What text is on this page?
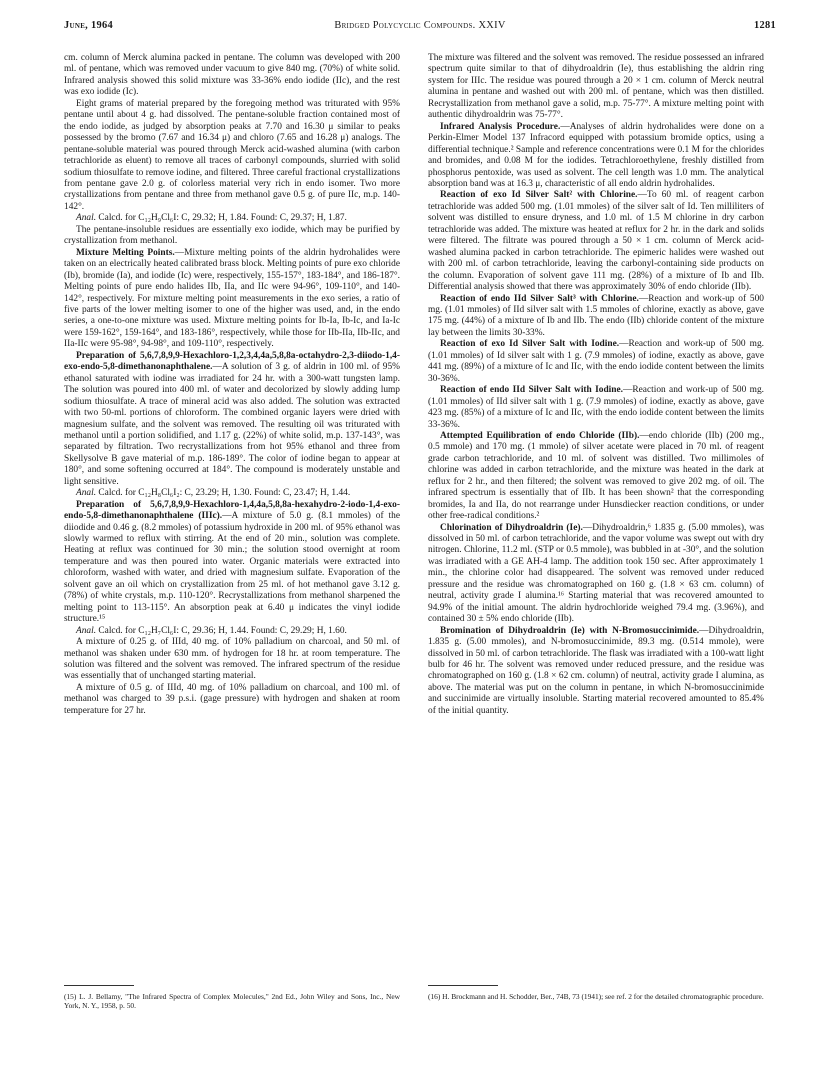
June, 1964	Bridged Polycyclic Compounds. XXIV	1281

cm. column of Merck alumina packed in pentane. The column was developed with 200 ml. of pentane, which was removed under vacuum to give 840 mg. (70%) of white solid. Infrared analysis showed this solid mixture was 33-36% endo iodide (IIc), and the rest was exo iodide (Ic).

Eight grams of material prepared by the foregoing method was triturated with 95% pentane until about 4 g. had dissolved. The pentane-soluble fraction contained most of the endo iodide, as judged by absorption peaks at 7.70 and 16.30 μ similar to peaks possessed by the bromo (7.67 and 16.34 μ) and chloro (7.65 and 16.28 μ) analogs. The pentane-soluble material was poured through Merck acid-washed alumina (with carbon tetrachloride as eluent) to remove all traces of carbonyl compounds, slurried with solid sodium thiosulfate to remove iodine, and filtered. Three careful fractional crystallizations from pentane gave 2.0 g. of colorless material very rich in endo isomer. Two more crystallizations from pentane and three from methanol gave 0.5 g. of pure IIc, m.p. 140-142°.

Anal. Calcd. for C₁₂H₉Cl₆I: C, 29.32; H, 1.84. Found: C, 29.37; H, 1.87.

The pentane-insoluble residues are essentially exo iodide, which may be purified by crystallization from methanol.

Mixture Melting Points.—Mixture melting points of the aldrin hydrohalides were taken on an electrically heated calibrated brass block. Melting points of pure exo chloride (Ib), bromide (Ia), and iodide (Ic) were, respectively, 155-157°, 183-184°, and 186-187°. Melting points of pure endo halides IIb, IIa, and IIc were 94-96°, 109-110°, and 140-142°, respectively. For mixture melting point measurements in the exo series, a ratio of five parts of the lower melting isomer to one of the higher was used, and, in the endo series, a one-to-one mixture was used. Mixture melting points for Ib-Ia, Ib-Ic, and Ia-Ic were 159-162°, 159-164°, and 183-186°, respectively, while those for IIb-IIa, IIb-IIc, and IIa-IIc were 95-98°, 94-98°, and 109-110°, respectively.

Preparation of 5,6,7,8,9,9-Hexachloro-1,2,3,4,4a,5,8,8a-octahydro-2,3-diiodo-1,4-exo-endo-5,8-dimethanonaphthalene.—A solution of 3 g. of aldrin in 100 ml. of 95% ethanol saturated with iodine was irradiated for 24 hr. with a 300-watt tungsten lamp. The solution was poured into 400 ml. of water and decolorized by slowly adding lump sodium thiosulfate. A trace of mineral acid was also added. The solution was extracted with two 50-ml. portions of chloroform. The combined organic layers were dried with magnesium sulfate, and the solvent was removed. The resulting oil was triturated with methanol until a portion solidified, and 1.17 g. (22%) of white solid, m.p. 137-143°, was separated by filtration. Two recrystallizations from hot 95% ethanol and three from Skellysolve B gave material of m.p. 186-189°. The color of iodine began to appear at 180°, and some softening occurred at 184°. The compound is moderately unstable and light sensitive.

Anal. Calcd. for C₁₂H₈Cl₆I₂: C, 23.29; H, 1.30. Found: C, 23.47; H, 1.44.

Preparation of 5,6,7,8,9,9-Hexachloro-1,4,4a,5,8,8a-hexahydro-2-iodo-1,4-exo-endo-5,8-dimethanonaphthalene (IIIc).—A mixture of 5.0 g. (8.1 mmoles) of the diiodide and 0.46 g. (8.2 mmoles) of potassium hydroxide in 200 ml. of 95% ethanol was slowly warmed to reflux with stirring. At the end of 20 min., solution was complete. Heating at reflux was continued for 30 min.; the solution stood overnight at room temperature and was then poured into water. Organic materials were extracted into chloroform, washed with water, and dried with magnesium sulfate. Evaporation of the solvent gave an oil which on crystallization from 25 ml. of hot methanol gave 3.12 g. (78%) of white crystals, m.p. 110-120°. Recrystallizations from methanol sharpened the melting point to 113-115°. An absorption peak at 6.40 μ indicates the vinyl iodide structure.¹⁵

Anal. Calcd. for C₁₂H₇Cl₆I: C, 29.36; H, 1.44. Found: C, 29.29; H, 1.60.

A mixture of 0.25 g. of IIId, 40 mg. of 10% palladium on charcoal, and 50 ml. of methanol was shaken under 630 mm. of hydrogen for 18 hr. at room temperature. The solution was filtered and the solvent was removed. The infrared spectrum of the residue was essentially that of unchanged starting material.

A mixture of 0.5 g. of IIId, 40 mg. of 10% palladium on charcoal, and 100 ml. of methanol was charged to 39 p.s.i. (gage pressure) with hydrogen and shaken at room temperature for 27 hr.

The mixture was filtered and the solvent was removed. The residue possessed an infrared spectrum quite similar to that of dihydroaldrin (Ie), thus establishing the aldrin ring system for IIIc. The residue was poured through a 20 × 1 cm. column of Merck neutral alumina in pentane and washed out with 200 ml. of pentane, which was then distilled. Recrystallization from methanol gave a solid, m.p. 75-77°. A mixture melting point with authentic dihydroaldrin was 75-77°.

Infrared Analysis Procedure.—Analyses of aldrin hydrohalides were done on a Perkin-Elmer Model 137 Infracord equipped with potassium bromide optics, using a differential technique.² Sample and reference concentrations were 0.1 M for the chlorides and bromides, and 0.08 M for the iodides. Tetrachloroethylene, freshly distilled from phosphorus pentoxide, was used as solvent. The cell length was 1.0 mm. The analytical absorption band was at 16.3 μ, characteristic of all endo aldrin hydrohalides.

Reaction of exo Id Silver Salt² with Chlorine.—To 60 ml. of reagent carbon tetrachloride was added 500 mg. (1.01 mmoles) of the silver salt of Id. Ten milliliters of solvent was distilled to ensure dryness, and 1.0 ml. of 1.5 M chlorine in dry carbon tetrachloride was added. The mixture was heated at reflux for 2 hr. in the dark and solids were filtered. The filtrate was poured through a 50 × 1 cm. column of Merck acid-washed alumina packed in carbon tetrachloride. The epimeric halides were washed out with 200 ml. of carbon tetrachloride, leaving the carbonyl-containing side products on the column. Evaporation of solvent gave 111 mg. (28%) of a mixture of Ib and IIb. Differential analysis showed that there was approximately 30% of endo chloride (IIb).

Reaction of endo IId Silver Salt³ with Chlorine.—Reaction and work-up of 500 mg. (1.01 mmoles) of IId silver salt with 1.5 mmoles of chlorine, exactly as above, gave 175 mg. (44%) of a mixture of Ib and IIb. The endo (IIb) chloride content of the mixture lay between the limits 30-33%.

Reaction of exo Id Silver Salt with Iodine.—Reaction and work-up of 500 mg. (1.01 mmoles) of Id silver salt with 1 g. (7.9 mmoles) of iodine, exactly as above, gave 441 mg. (89%) of a mixture of Ic and IIc, with the endo iodide content between the limits 30-36%.

Reaction of endo IId Silver Salt with Iodine.—Reaction and work-up of 500 mg. (1.01 mmoles) of IId silver salt with 1 g. (7.9 mmoles) of iodine, exactly as above, gave 423 mg. (85%) of a mixture of Ic and IIc, with the endo iodide content between the limits 33-36%.

Attempted Equilibration of endo Chloride (IIb).—endo chloride (IIb) (200 mg., 0.5 mmole) and 170 mg. (1 mmole) of silver acetate were placed in 70 ml. of reagent grade carbon tetrachloride, and 10 ml. of solvent was distilled. Two millimoles of chlorine was added in carbon tetrachloride, and the mixture was heated in the dark at reflux for 2 hr., and then filtered; the solvent was removed to give 202 mg. of oil. The infrared spectrum is essentially that of IIb. It has been shown² that the corresponding bromides, Ia and IIa, do not rearrange under Hunsdiecker reaction conditions, or under other free-radical conditions.²

Chlorination of Dihydroaldrin (Ie).—Dihydroaldrin,⁶ 1.835 g. (5.00 mmoles), was dissolved in 50 ml. of carbon tetrachloride, and the vapor volume was swept out with dry nitrogen. Chlorine, 11.2 ml. (STP or 0.5 mmole), was bubbled in at -30°, and the solution was irradiated with a GE AH-4 lamp. The addition took 150 sec. After approximately 1 min., the chlorine color had disappeared. The solvent was removed under reduced pressure and the residue was chromatographed on 160 g. (1.8 × 63 cm. column) of neutral, activity grade I alumina.¹⁶ Starting material that was recovered amounted to 94.9% of the initial amount. The aldrin hydrochloride weighed 79.4 mg. (3.96%), and contained 30 ± 5% endo chloride (IIb).

Bromination of Dihydroaldrin (Ie) with N-Bromosuccinimide.—Dihydroaldrin, 1.835 g. (5.00 mmoles), and N-bromosuccinimide, 89.3 mg. (0.514 mmole), were dissolved in 50 ml. of carbon tetrachloride. The flask was irradiated with a 100-watt light bulb for 46 hr. The solvent was removed under reduced pressure, and the residue was chromatographed on 160 g. (1.8 × 62 cm. column) of neutral, activity grade I alumina, as above. The material was put on the column in pentane, in which N-bromosuccinimide and succinimide are virtually insoluble. Starting material recovered amounted to 85.4% of the initial quantity.

(15) L. J. Bellamy, "The Infrared Spectra of Complex Molecules," 2nd Ed., John Wiley and Sons, Inc., New York, N. Y., 1958, p. 50.
(16) H. Brockmann and H. Schodder, Ber., 74B, 73 (1941); see ref. 2 for the detailed chromatographic procedure.
